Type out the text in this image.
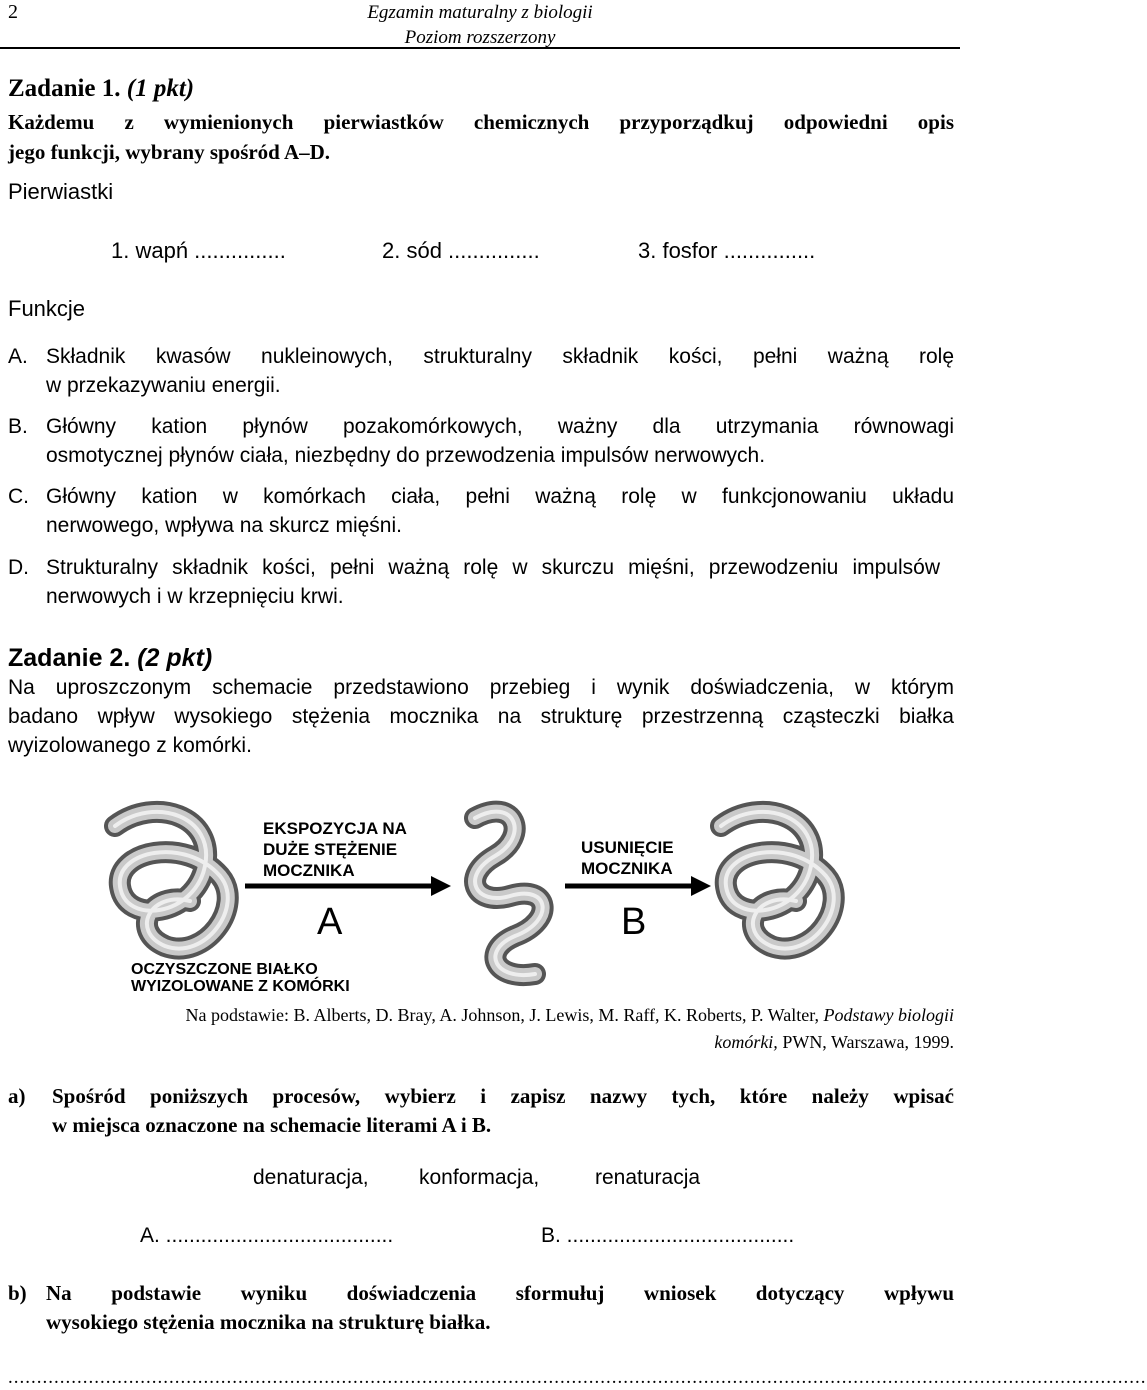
2	Egzamin maturalny z biologii
Poziom rozszerzony
Zadanie 1. (1 pkt)
Każdemu z wymienionych pierwiastków chemicznych przyporządkuj odpowiedni opis
jego funkcji, wybrany spośród A–D.
Pierwiastki
1. wapń ...............	2. sód ...............	3. fosfor ...............
Funkcje
A. Składnik kwasów nukleinowych, strukturalny składnik kości, pełni ważną rolę
w przekazywaniu energii.
B. Główny kation płynów pozakomórkowych, ważny dla utrzymania równowagi
osmotycznej płynów ciała, niezbędny do przewodzenia impulsów nerwowych.
C. Główny kation w komórkach ciała, pełni ważną rolę w funkcjonowaniu układu
nerwowego, wpływa na skurcz mięśni.
D. Strukturalny składnik kości, pełni ważną rolę w skurczu mięśni, przewodzeniu impulsów
nerwowych i w krzepnięciu krwi.
Zadanie 2. (2 pkt)
Na uproszczonym schemacie przedstawiono przebieg i wynik doświadczenia, w którym
badano wpływ wysokiego stężenia mocznika na strukturę przestrzenną cząsteczki białka
wyizolowanego z komórki.
EKSPOZYCJA NA
DUŻE STĘŻENIE
MOCZNIKA
A
USUNIĘCIE
MOCZNIKA
B
OCZYSZCZONE BIAŁKO
WYIZOLOWANE Z KOMÓRKI
Na podstawie: B. Alberts, D. Bray, A. Johnson, J. Lewis, M. Raff, K. Roberts, P. Walter, Podstawy biologii
komórki, PWN, Warszawa, 1999.
a) Spośród poniższych procesów, wybierz i zapisz nazwy tych, które należy wpisać
w miejsca oznaczone na schemacie literami A i B.
denaturacja, konformacja,	renaturacja
A. .......................................	B. .......................................
b) Na podstawie wyniku doświadczenia sformułuj wniosek dotyczący wpływu
wysokiego stężenia mocznika na strukturę białka.
......................................................................................................................................................................................................
